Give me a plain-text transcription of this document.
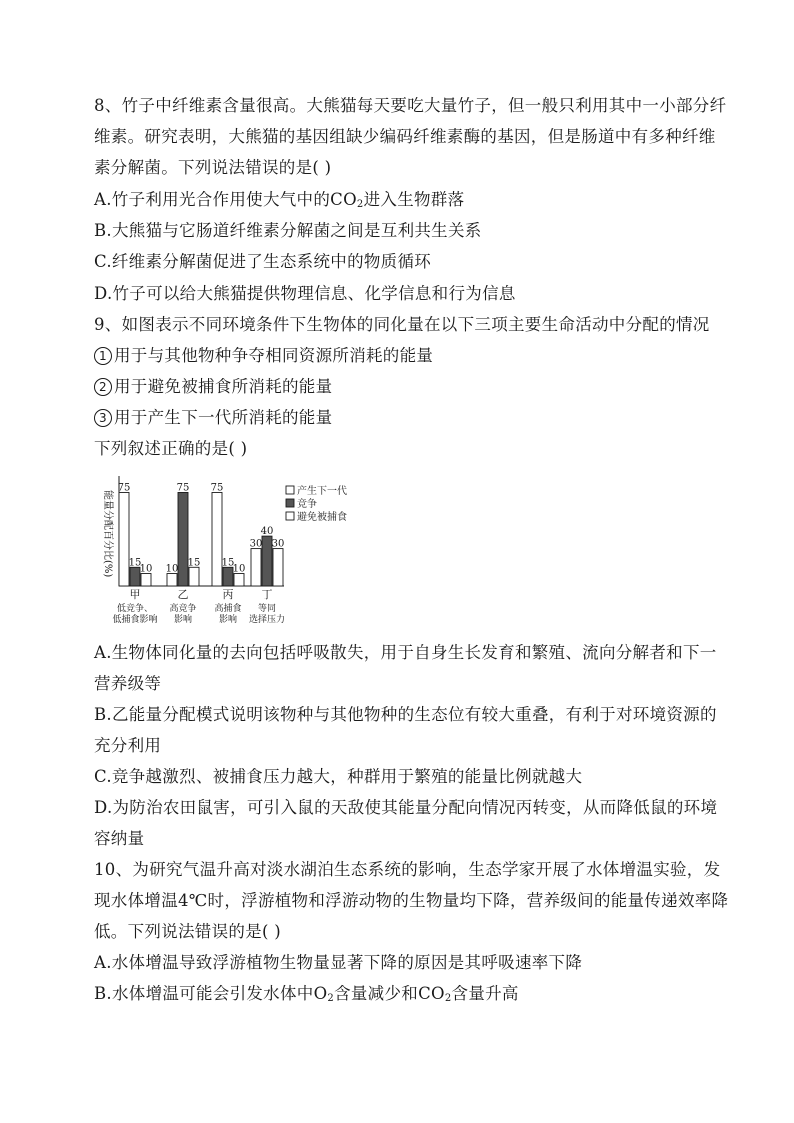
8、竹子中纤维素含量很高。大熊猫每天要吃大量竹子，但一般只利用其中一小部分纤
维素。研究表明，大熊猫的基因组缺少编码纤维素酶的基因，但是肠道中有多种纤维
素分解菌。下列说法错误的是( )
A.竹子利用光合作用使大气中的$CO_2$进入生物群落
B.大熊猫与它肠道纤维素分解菌之间是互利共生关系
C.纤维素分解菌促进了生态系统中的物质循环
D.竹子可以给大熊猫提供物理信息、化学信息和行为信息
9、如图表示不同环境条件下生物体的同化量在以下三项主要生命活动中分配的情况
1 用于与其他物种争夺相同资源所消耗的能量
2 用于避免被捕食所消耗的能量
3 用于产生下一代所消耗的能量
下列叙述正确的是( )
能量分配百分比(%)
75
15
10
甲
低竞争、
低捕食影响
10
75
15
乙
高竞争
影响
75
15
10
丙
高捕食
影响
30
40
30
丁
等同
选择压力
产生下一代
竞争
避免被捕食
A.生物体同化量的去向包括呼吸散失，用于自身生长发育和繁殖、流向分解者和下一
营养级等
B.乙能量分配模式说明该物种与其他物种的生态位有较大重叠，有利于对环境资源的
充分利用
C.竞争越激烈、被捕食压力越大，种群用于繁殖的能量比例就越大
D.为防治农田鼠害，可引入鼠的天敌使其能量分配向情况丙转变，从而降低鼠的环境
容纳量
10、为研究气温升高对淡水湖泊生态系统的影响，生态学家开展了水体增温实验，发
现水体增温4℃时，浮游植物和浮游动物的生物量均下降，营养级间的能量传递效率降
低。下列说法错误的是( )
A.水体增温导致浮游植物生物量显著下降的原因是其呼吸速率下降
B.水体增温可能会引发水体中$O_2$含量减少和$CO_2$含量升高
